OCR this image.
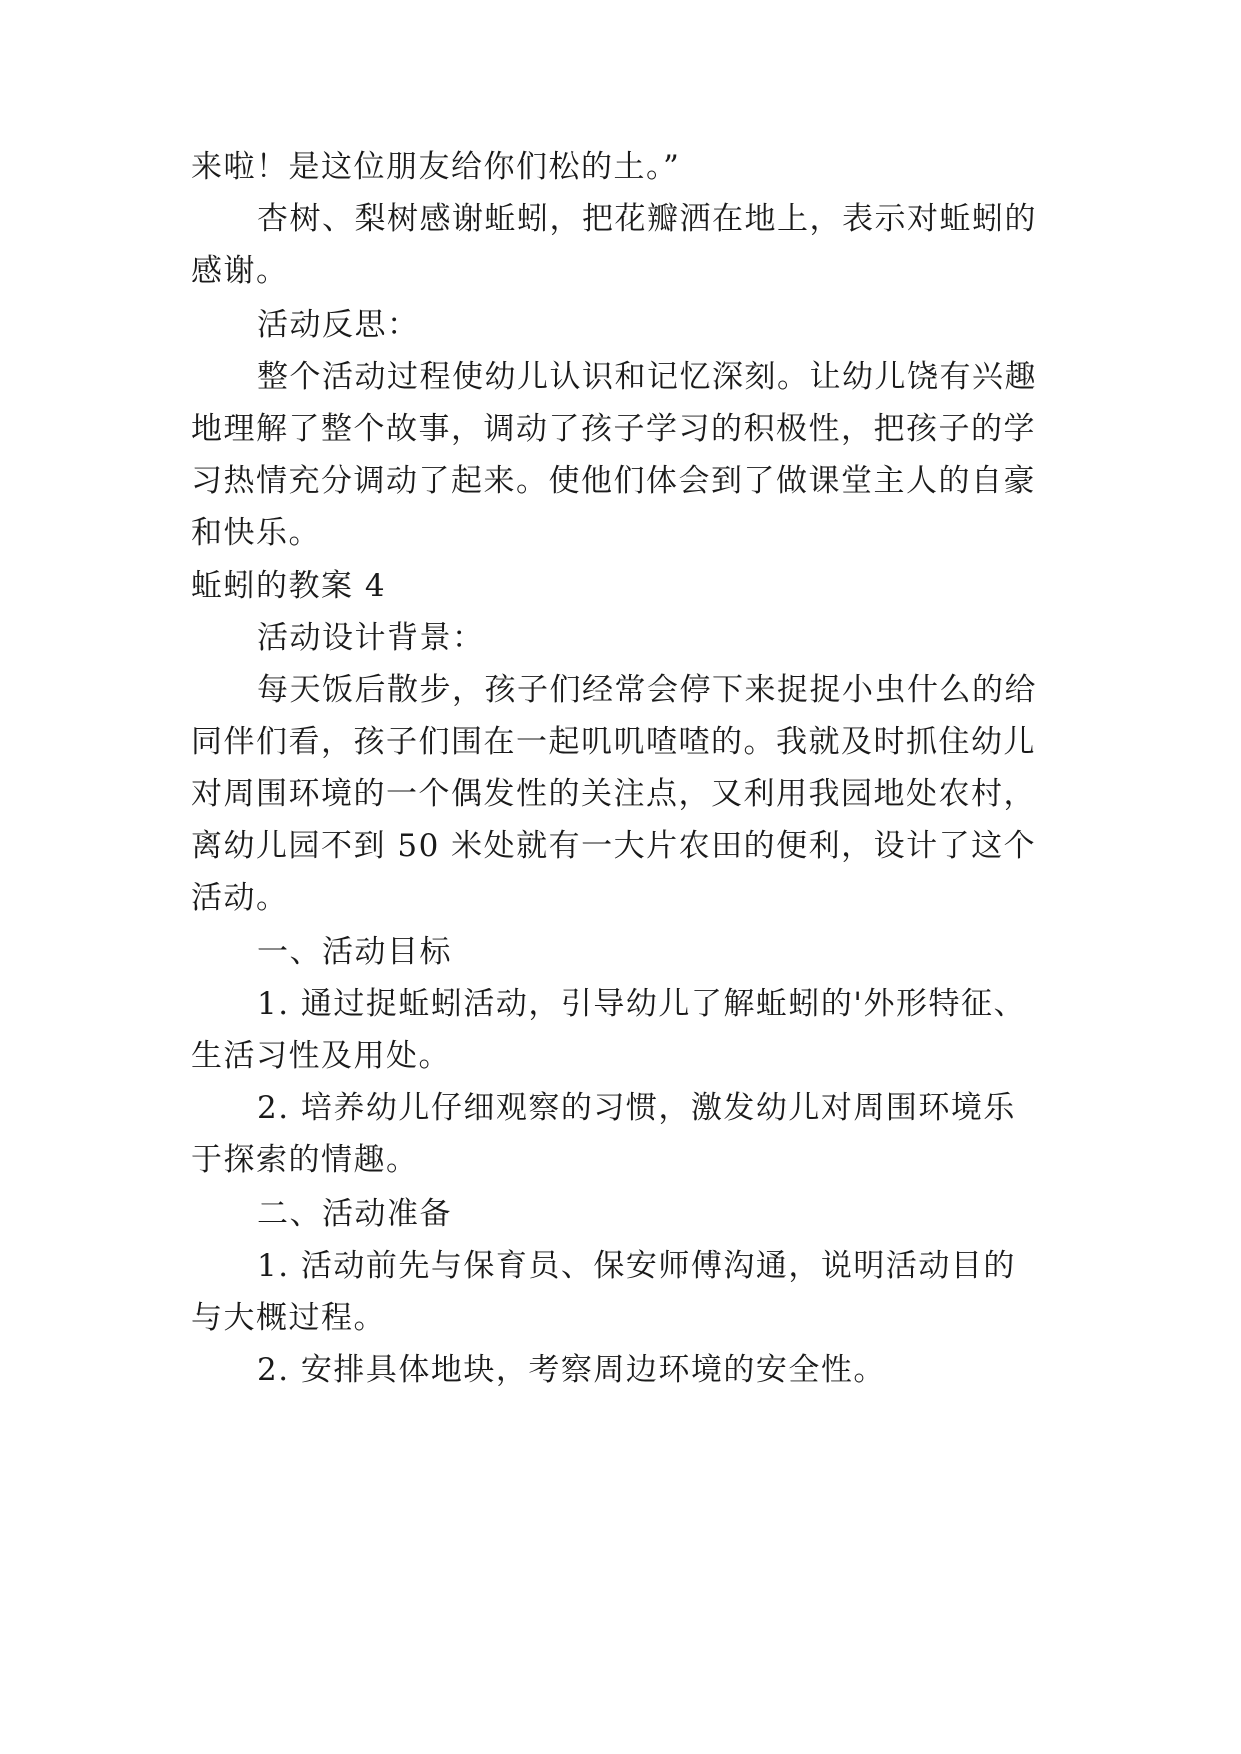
来啦！是这位朋友给你们松的土。”
杏树、梨树感谢蚯蚓，把花瓣洒在地上，表示对蚯蚓的
感谢。
活动反思：
整个活动过程使幼儿认识和记忆深刻。让幼儿饶有兴趣
地理解了整个故事，调动了孩子学习的积极性，把孩子的学
习热情充分调动了起来。使他们体会到了做课堂主人的自豪
和快乐。
蚯蚓的教案 4
活动设计背景：
每天饭后散步，孩子们经常会停下来捉捉小虫什么的给
同伴们看，孩子们围在一起叽叽喳喳的。我就及时抓住幼儿
对周围环境的一个偶发性的关注点，又利用我园地处农村，
离幼儿园不到 50 米处就有一大片农田的便利，设计了这个
活动。
一、活动目标
1. 通过捉蚯蚓活动，引导幼儿了解蚯蚓的'外形特征、
生活习性及用处。
2. 培养幼儿仔细观察的习惯，激发幼儿对周围环境乐
于探索的情趣。
二、活动准备
1. 活动前先与保育员、保安师傅沟通，说明活动目的
与大概过程。
2. 安排具体地块，考察周边环境的安全性。
